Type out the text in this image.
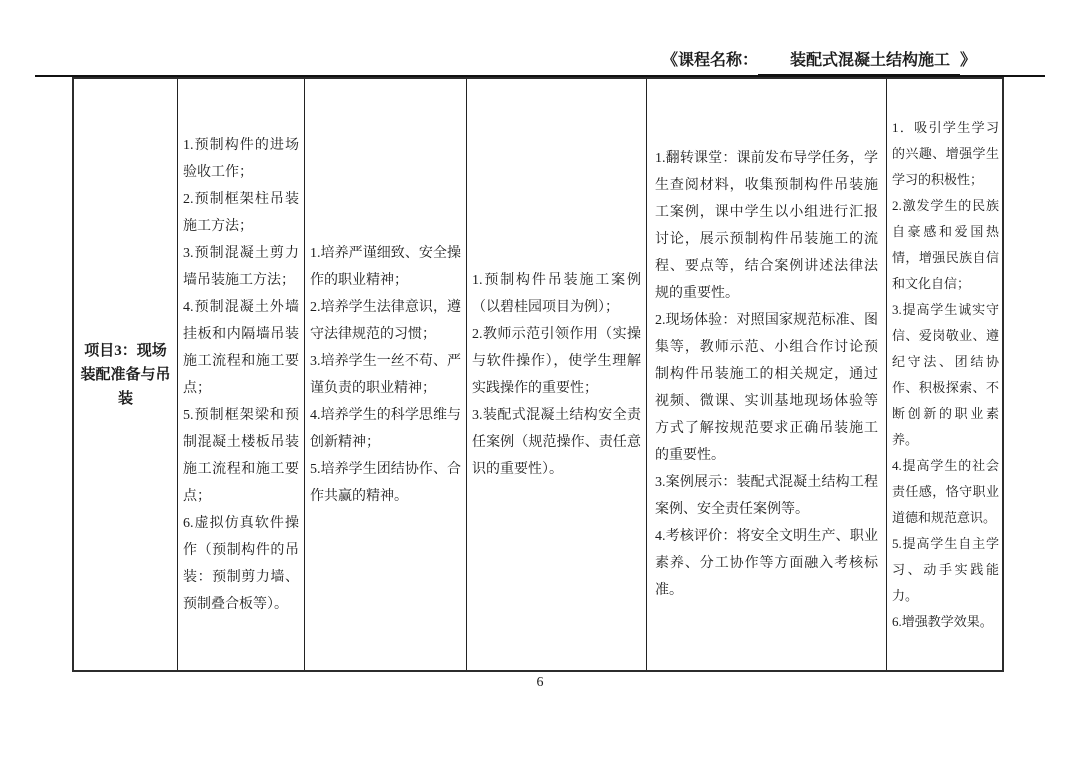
《课程名称： 装配式混凝土结构施工 》

项目3：现场装配准备与吊装

1.预制构件的进场验收工作；

2.预制框架柱吊装施工方法；

3.预制混凝土剪力墙吊装施工方法；

4.预制混凝土外墙挂板和内隔墙吊装施工流程和施工要点；

5.预制框架梁和预制混凝土楼板吊装施工流程和施工要点；

6.虚拟仿真软件操作（预制构件的吊装：预制剪力墙、预制叠合板等）。

1.培养严谨细致、安全操作的职业精神；

2.培养学生法律意识，遵守法律规范的习惯；

3.培养学生一丝不苟、严谨负责的职业精神；

4.培养学生的科学思维与创新精神；

5.培养学生团结协作、合作共赢的精神。

1.预制构件吊装施工案例（以碧桂园项目为例）；

2.教师示范引领作用（实操与软件操作），使学生理解实践操作的重要性；

3.装配式混凝土结构安全责任案例（规范操作、责任意识的重要性）。

1.翻转课堂：课前发布导学任务，学生查阅材料，收集预制构件吊装施工案例，课中学生以小组进行汇报讨论，展示预制构件吊装施工的流程、要点等，结合案例讲述法律法规的重要性。

2.现场体验：对照国家规范标准、图集等，教师示范、小组合作讨论预制构件吊装施工的相关规定，通过视频、微课、实训基地现场体验等方式了解按规范要求正确吊装施工的重要性。

3.案例展示：装配式混凝土结构工程案例、安全责任案例等。

4.考核评价：将安全文明生产、职业素养、分工协作等方面融入考核标准。

1．吸引学生学习的兴趣、增强学生学习的积极性；

2.激发学生的民族自豪感和爱国热情，增强民族自信和文化自信；

3.提高学生诚实守信、爱岗敬业、遵纪守法、团结协作、积极探索、不断创新的职业素养。

4.提高学生的社会责任感，恪守职业道德和规范意识。

5.提高学生自主学习、动手实践能力。

6.增强教学效果。

6
